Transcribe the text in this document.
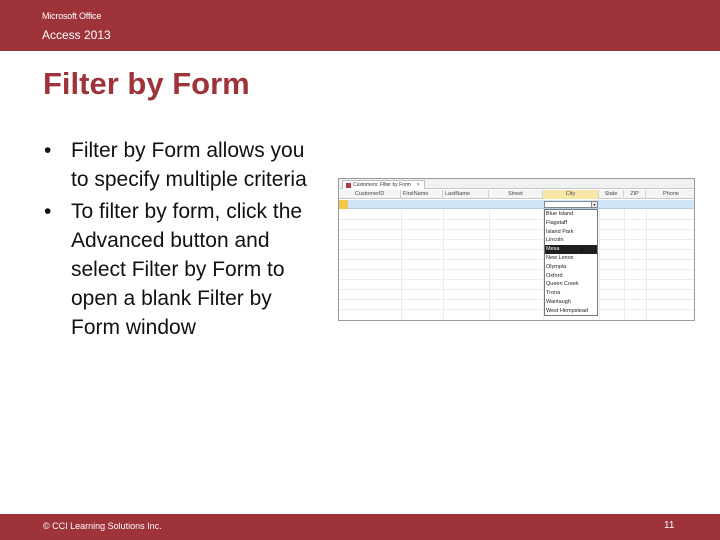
Microsoft Office
Access 2013
Filter by Form
• Filter by Form allows you to specify multiple criteria
• To filter by form, click the Advanced button and select Filter by Form to open a blank Filter by Form window
Customers: Filter by Form ×
CustomerID	FirstName	LastName	Street	City	State	ZIP	Phone
▾
Blue Island
Flagstaff
Island Park
Lincoln
Mesa
New Lenox
Olympia
Oxford
Queen Creek
Trona
Wantaugh
West Hempstead
© CCI Learning Solutions Inc.	11
